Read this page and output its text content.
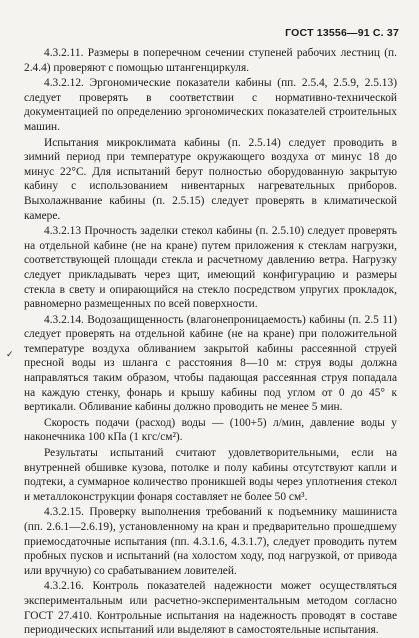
ГОСТ 13556—91 С. 37
✓

4.3.2.11. Размеры в поперечном сечении ступеней рабочих лестниц (п. 2.4.4) проверяют с помощью штангенциркуля.

4.3.2.12. Эргономические показатели кабины (пп. 2.5.4, 2.5.9, 2.5.13) следует проверять в соответствии с нормативно-технической документацией по определению эргономических показателей строительных машин.

Испытания микроклимата кабины (п. 2.5.14) следует проводить в зимний период при температуре окружающего воздуха от минус 18 до минус 22°С. Для испытаний берут полностью оборудованную закрытую кабину с использованием нивентарных нагревательных приборов. Выхолажнвание кабины (п. 2.5.15) следует проверять в климатической камере.

4.3.2.13 Прочность заделки стекол кабины (п. 2.5.10) следует проверять на отдельной кабине (не на кране) путем приложения к стеклам нагрузки, соответствующей площади стекла и расчетному давлению ветра. Нагрузку следует прикладывать через щит, имеющий конфигурацию и размеры стекла в свету и опирающийся на стекло посредством упругих прокладок, равномерно размещенных по всей поверхности.

4.3.2.14. Водозащищенность (влагонепроницаемость) кабины (п. 2.5 11) следует проверять на отдельной кабине (не на кране) при положительной температуре воздуха обливанием закрытой кабины рассеянной струей пресной воды из шланга с расстояния 8—10 м: струя воды должна направляться таким образом, чтобы падающая рассеянная струя попадала на каждую стенку, фонарь и крышу кабины под углом от 0 до 45° к вертикали. Обливание кабины должно проводить не менее 5 мин.

Скорость подачи (расход) воды — (100+5) л/мин, давление воды у наконечника 100 кПа (1 кгс/см²).

Результаты испытаний считают удовлетворительными, если на внутренней обшивке кузова, потолке и полу кабины отсутствуют капли и подтеки, а суммарное количество проникшей воды через уплотнения стекол и металлоконструкции фонаря составляет не более 50 см³.

4.3.2.15. Проверку выполнения требований к подъемнику машиниста (пп. 2.6.1—2.6.19), установленному на кран и предварительно прошедшему приемосдаточные испытания (пп. 4.3.1.6, 4.3.1.7), следует проводить путем пробных пусков и испытаний (на холостом ходу, под нагрузкой, от привода или вручную) со срабатыванием ловителей.

4.3.2.16. Контроль показателей надежности может осуществляться экспериментальным или расчетно-экспериментальным методом согласно ГОСТ 27.410. Контрольные испытания на надежность проводят в составе периодических испытаний или выделяют в самостоятельные испытания.
